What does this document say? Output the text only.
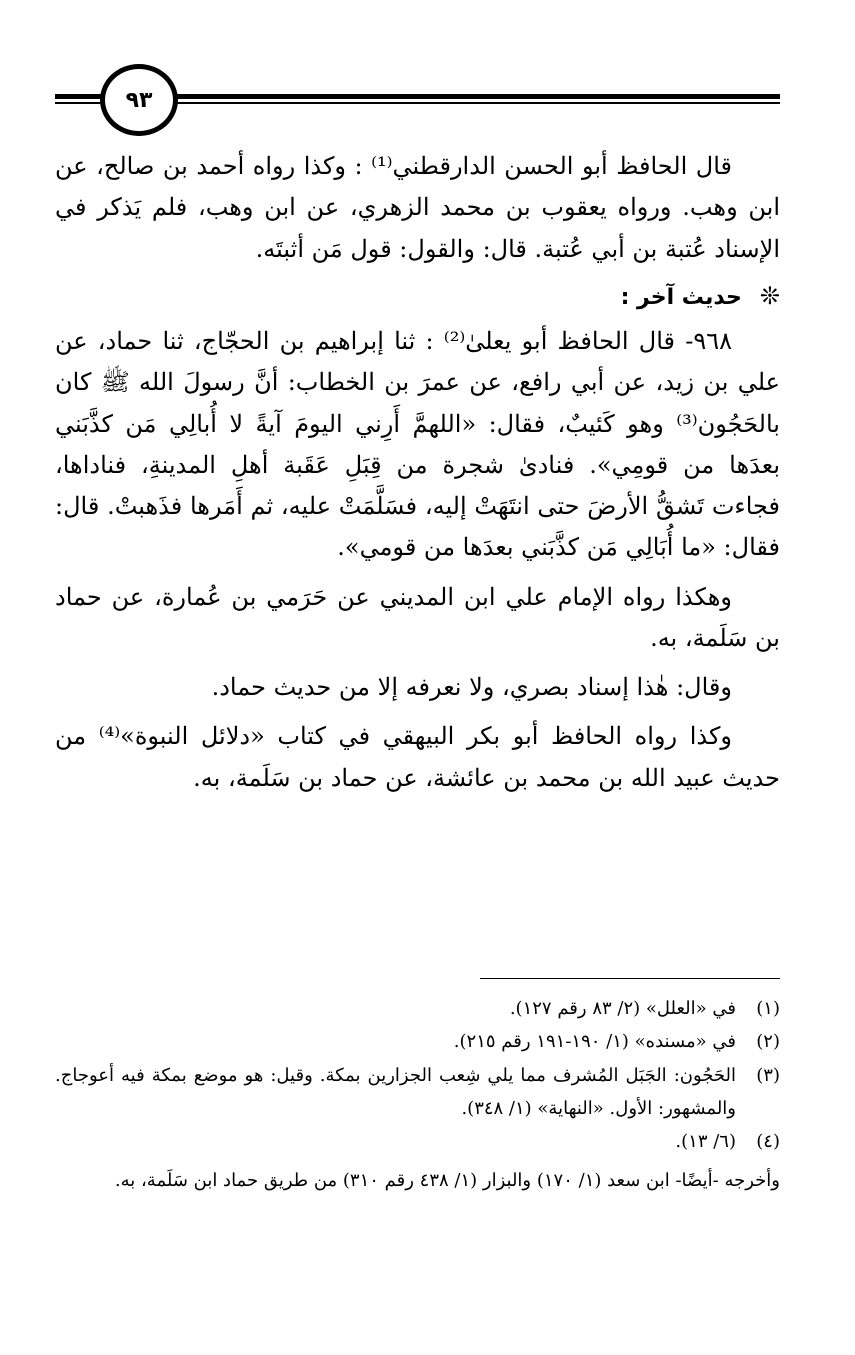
٩٣

قال الحافظ أبو الحسن الدارقطني⁽¹⁾ : وكذا رواه أحمد بن صالح، عن ابن وهب. ورواه يعقوب بن محمد الزهري، عن ابن وهب، فلم يَذكر في الإسناد عُتبة بن أبي عُتبة. قال: والقول: قول مَن أثبتَه.

❊حديث آخر :

٩٦٨- قال الحافظ أبو يعلىٰ⁽²⁾ : ثنا إبراهيم بن الحجّاج، ثنا حماد، عن علي بن زيد، عن أبي رافع، عن عمرَ بن الخطاب: أنَّ رسولَ الله ﷺ كان بالحَجُون⁽³⁾ وهو كَئيبٌ، فقال: «اللهمَّ أَرِني اليومَ آيةً لا أُبالِي مَن كذَّبَني بعدَها من قومِي». فنادىٰ شجرة من قِبَلِ عَقَبة أهلِ المدينةِ، فناداها، فجاءت تَشقُّ الأرضَ حتى انتَهَتْ إليه، فسَلَّمَتْ عليه، ثم أَمَرها فذَهبتْ. قال: فقال: «ما أُبَالِي مَن كذَّبَني بعدَها من قومي».

وهكذا رواه الإمام علي ابن المديني عن حَرَمي بن عُمارة، عن حماد بن سَلَمة، به.

وقال: هٰذا إسناد بصري، ولا نعرفه إلا من حديث حماد.

وكذا رواه الحافظ أبو بكر البيهقي في كتاب «دلائل النبوة»⁽⁴⁾ من حديث عبيد الله بن محمد بن عائشة، عن حماد بن سَلَمة، به.

(١)
في «العلل» (٢/ ٨٣ رقم ١٢٧).
(٢)
في «مسنده» (١/ ١٩٠-١٩١ رقم ٢١٥).
(٣)
الحَجُون: الجَبَل المُشرف مما يلي شِعب الجزارين بمكة. وقيل: هو موضع بمكة فيه أعوجاج. والمشهور: الأول. «النهاية» (١/ ٣٤٨).
(٤)
(٦/ ١٣).
وأخرجه -أيضًا- ابن سعد (١/ ١٧٠) والبزار (١/ ٤٣٨ رقم ٣١٠) من طريق حماد ابن سَلَمة، به.
